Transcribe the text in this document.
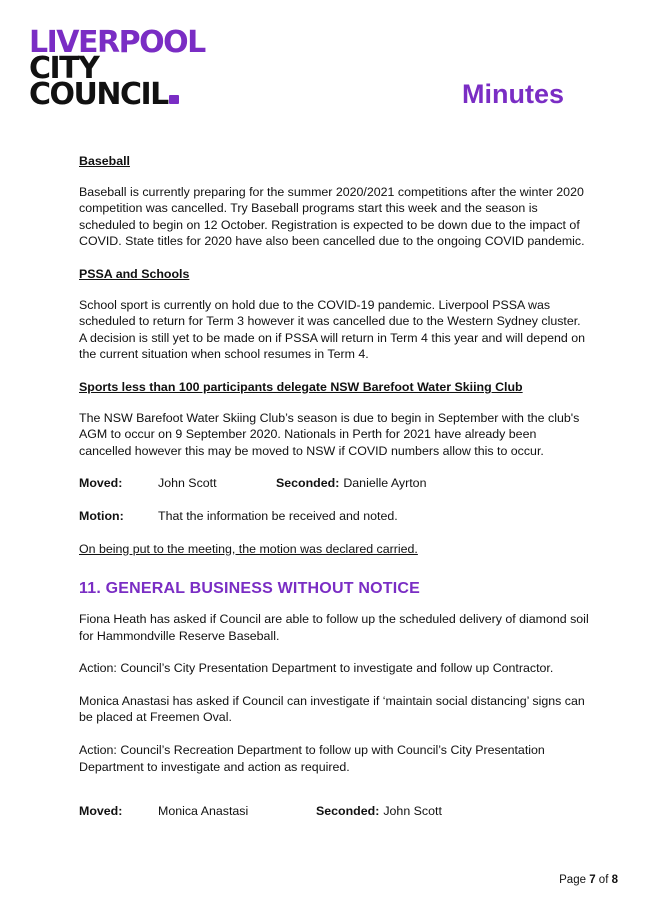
LIVERPOOL
CITY
COUNCIL	Minutes

Baseball

Baseball is currently preparing for the summer 2020/2021 competitions after the winter 2020 competition was cancelled. Try Baseball programs start this week and the season is scheduled to begin on 12 October. Registration is expected to be down due to the impact of COVID. State titles for 2020 have also been cancelled due to the ongoing COVID pandemic.

PSSA and Schools

School sport is currently on hold due to the COVID-19 pandemic. Liverpool PSSA was scheduled to return for Term 3 however it was cancelled due to the Western Sydney cluster. A decision is still yet to be made on if PSSA will return in Term 4 this year and will depend on the current situation when school resumes in Term 4.

Sports less than 100 participants delegate NSW Barefoot Water Skiing Club

The NSW Barefoot Water Skiing Club’s season is due to begin in September with the club's AGM to occur on 9 September 2020. Nationals in Perth for 2021 have already been cancelled however this may be moved to NSW if COVID numbers allow this to occur.

Moved:	John Scott	Seconded: Danielle Ayrton
Motion:	That the information be received and noted.

On being put to the meeting, the motion was declared carried.

11. GENERAL BUSINESS WITHOUT NOTICE

Fiona Heath has asked if Council are able to follow up the scheduled delivery of diamond soil for Hammondville Reserve Baseball.

Action: Council’s City Presentation Department to investigate and follow up Contractor.

Monica Anastasi has asked if Council can investigate if ‘maintain social distancing’ signs can be placed at Freemen Oval.

Action: Council’s Recreation Department to follow up with Council’s City Presentation Department to investigate and action as required.

Moved:	Monica Anastasi	Seconded: John Scott
Page 7 of 8
